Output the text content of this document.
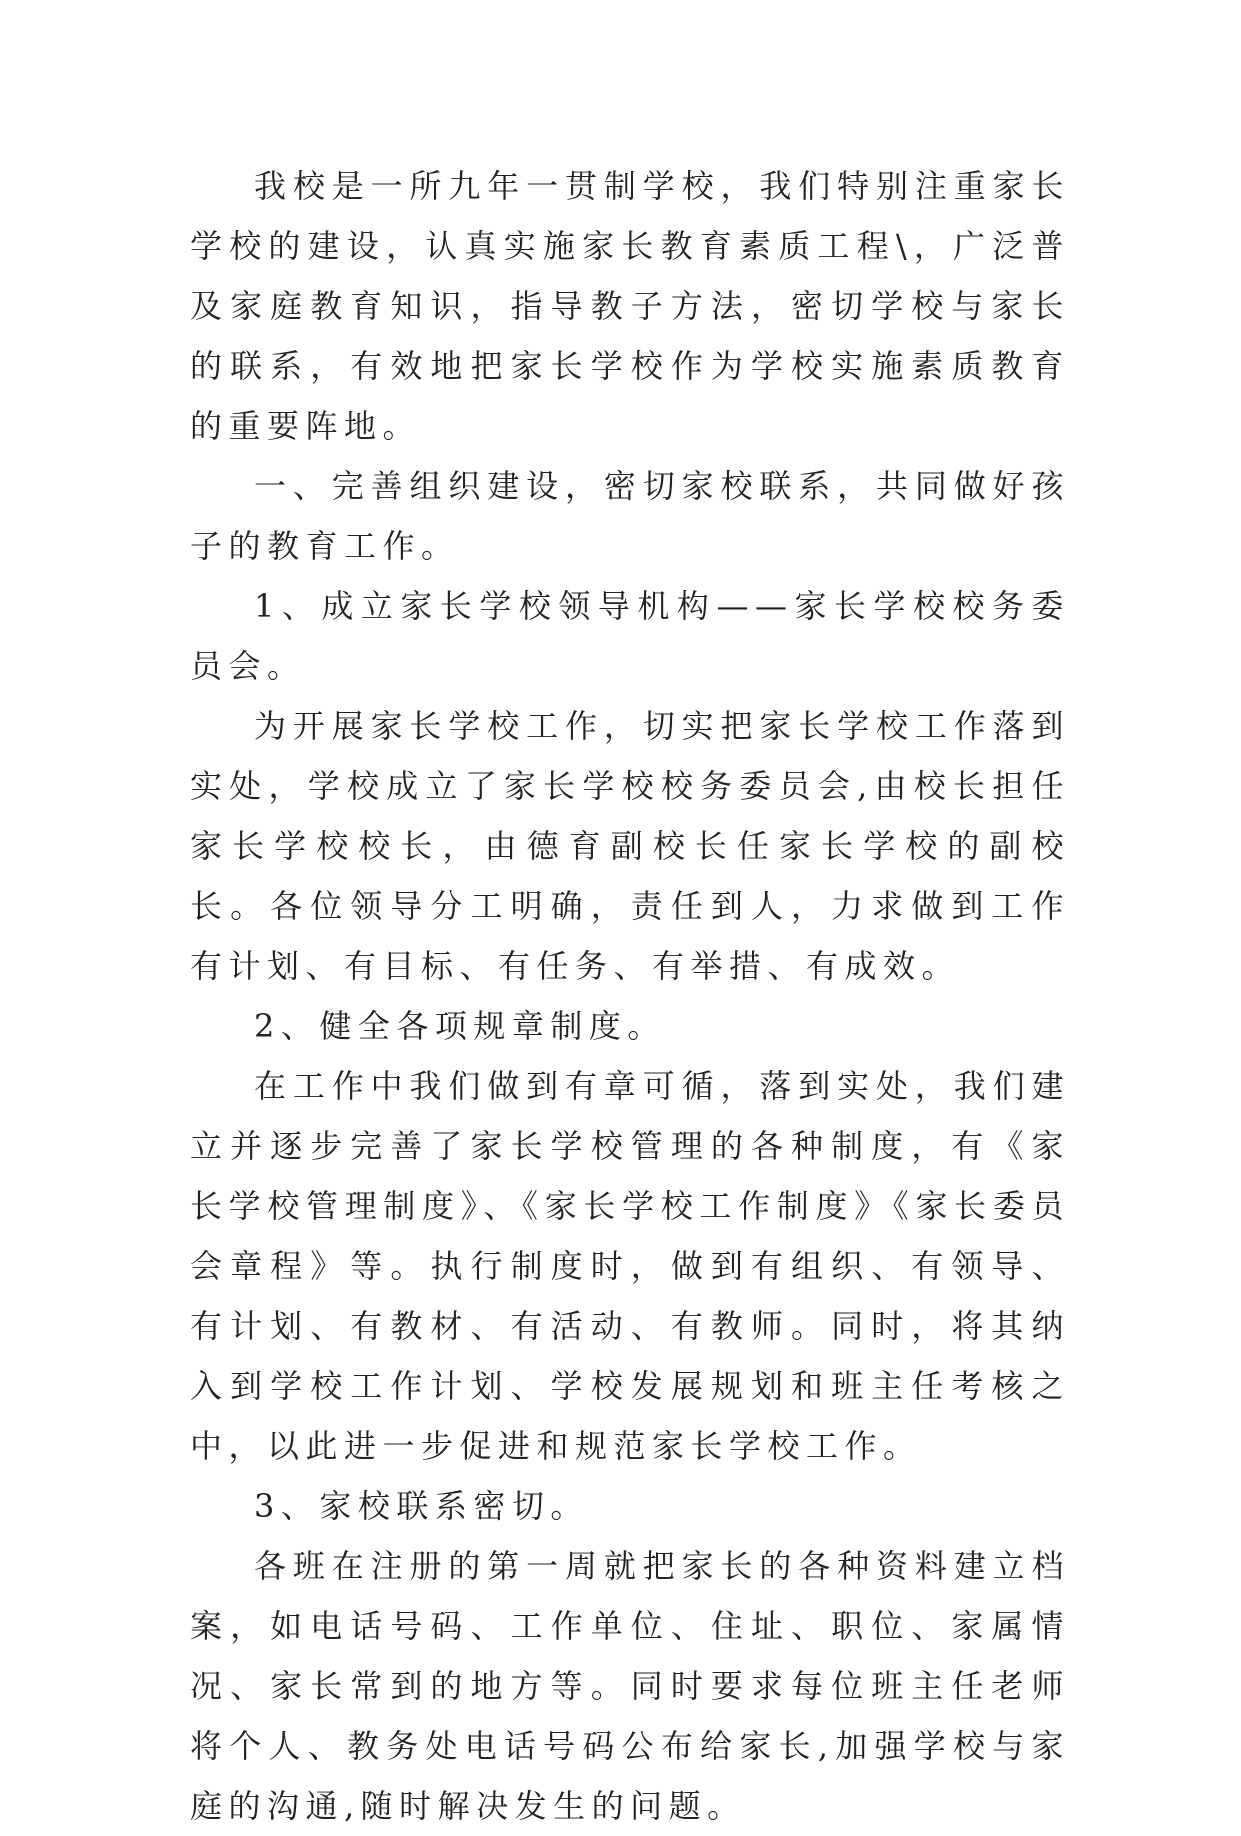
我校是一所九年一贯制学校，我们特别注重家长学校的建设，认真实施家长教育素质工程\，广泛普及家庭教育知识，指导教子方法，密切学校与家长的联系，有效地把家长学校作为学校实施素质教育的重要阵地。

一、完善组织建设，密切家校联系，共同做好孩子的教育工作。

1、成立家长学校领导机构——家长学校校务委员会。

为开展家长学校工作，切实把家长学校工作落到实处，学校成立了家长学校校务委员会,由校长担任家长学校校长，由德育副校长任家长学校的副校长。各位领导分工明确，责任到人，力求做到工作有计划、有目标、有任务、有举措、有成效。

2、健全各项规章制度。

在工作中我们做到有章可循，落到实处，我们建立并逐步完善了家长学校管理的各种制度，有《家长学校管理制度》、《家长学校工作制度》《家长委员会章程》等。执行制度时，做到有组织、有领导、有计划、有教材、有活动、有教师。同时，将其纳入到学校工作计划、学校发展规划和班主任考核之中，以此进一步促进和规范家长学校工作。

3、家校联系密切。

各班在注册的第一周就把家长的各种资料建立档案，如电话号码、工作单位、住址、职位、家属情况、家长常到的地方等。同时要求每位班主任老师将个人、教务处电话号码公布给家长,加强学校与家庭的沟通,随时解决发生的问题。
